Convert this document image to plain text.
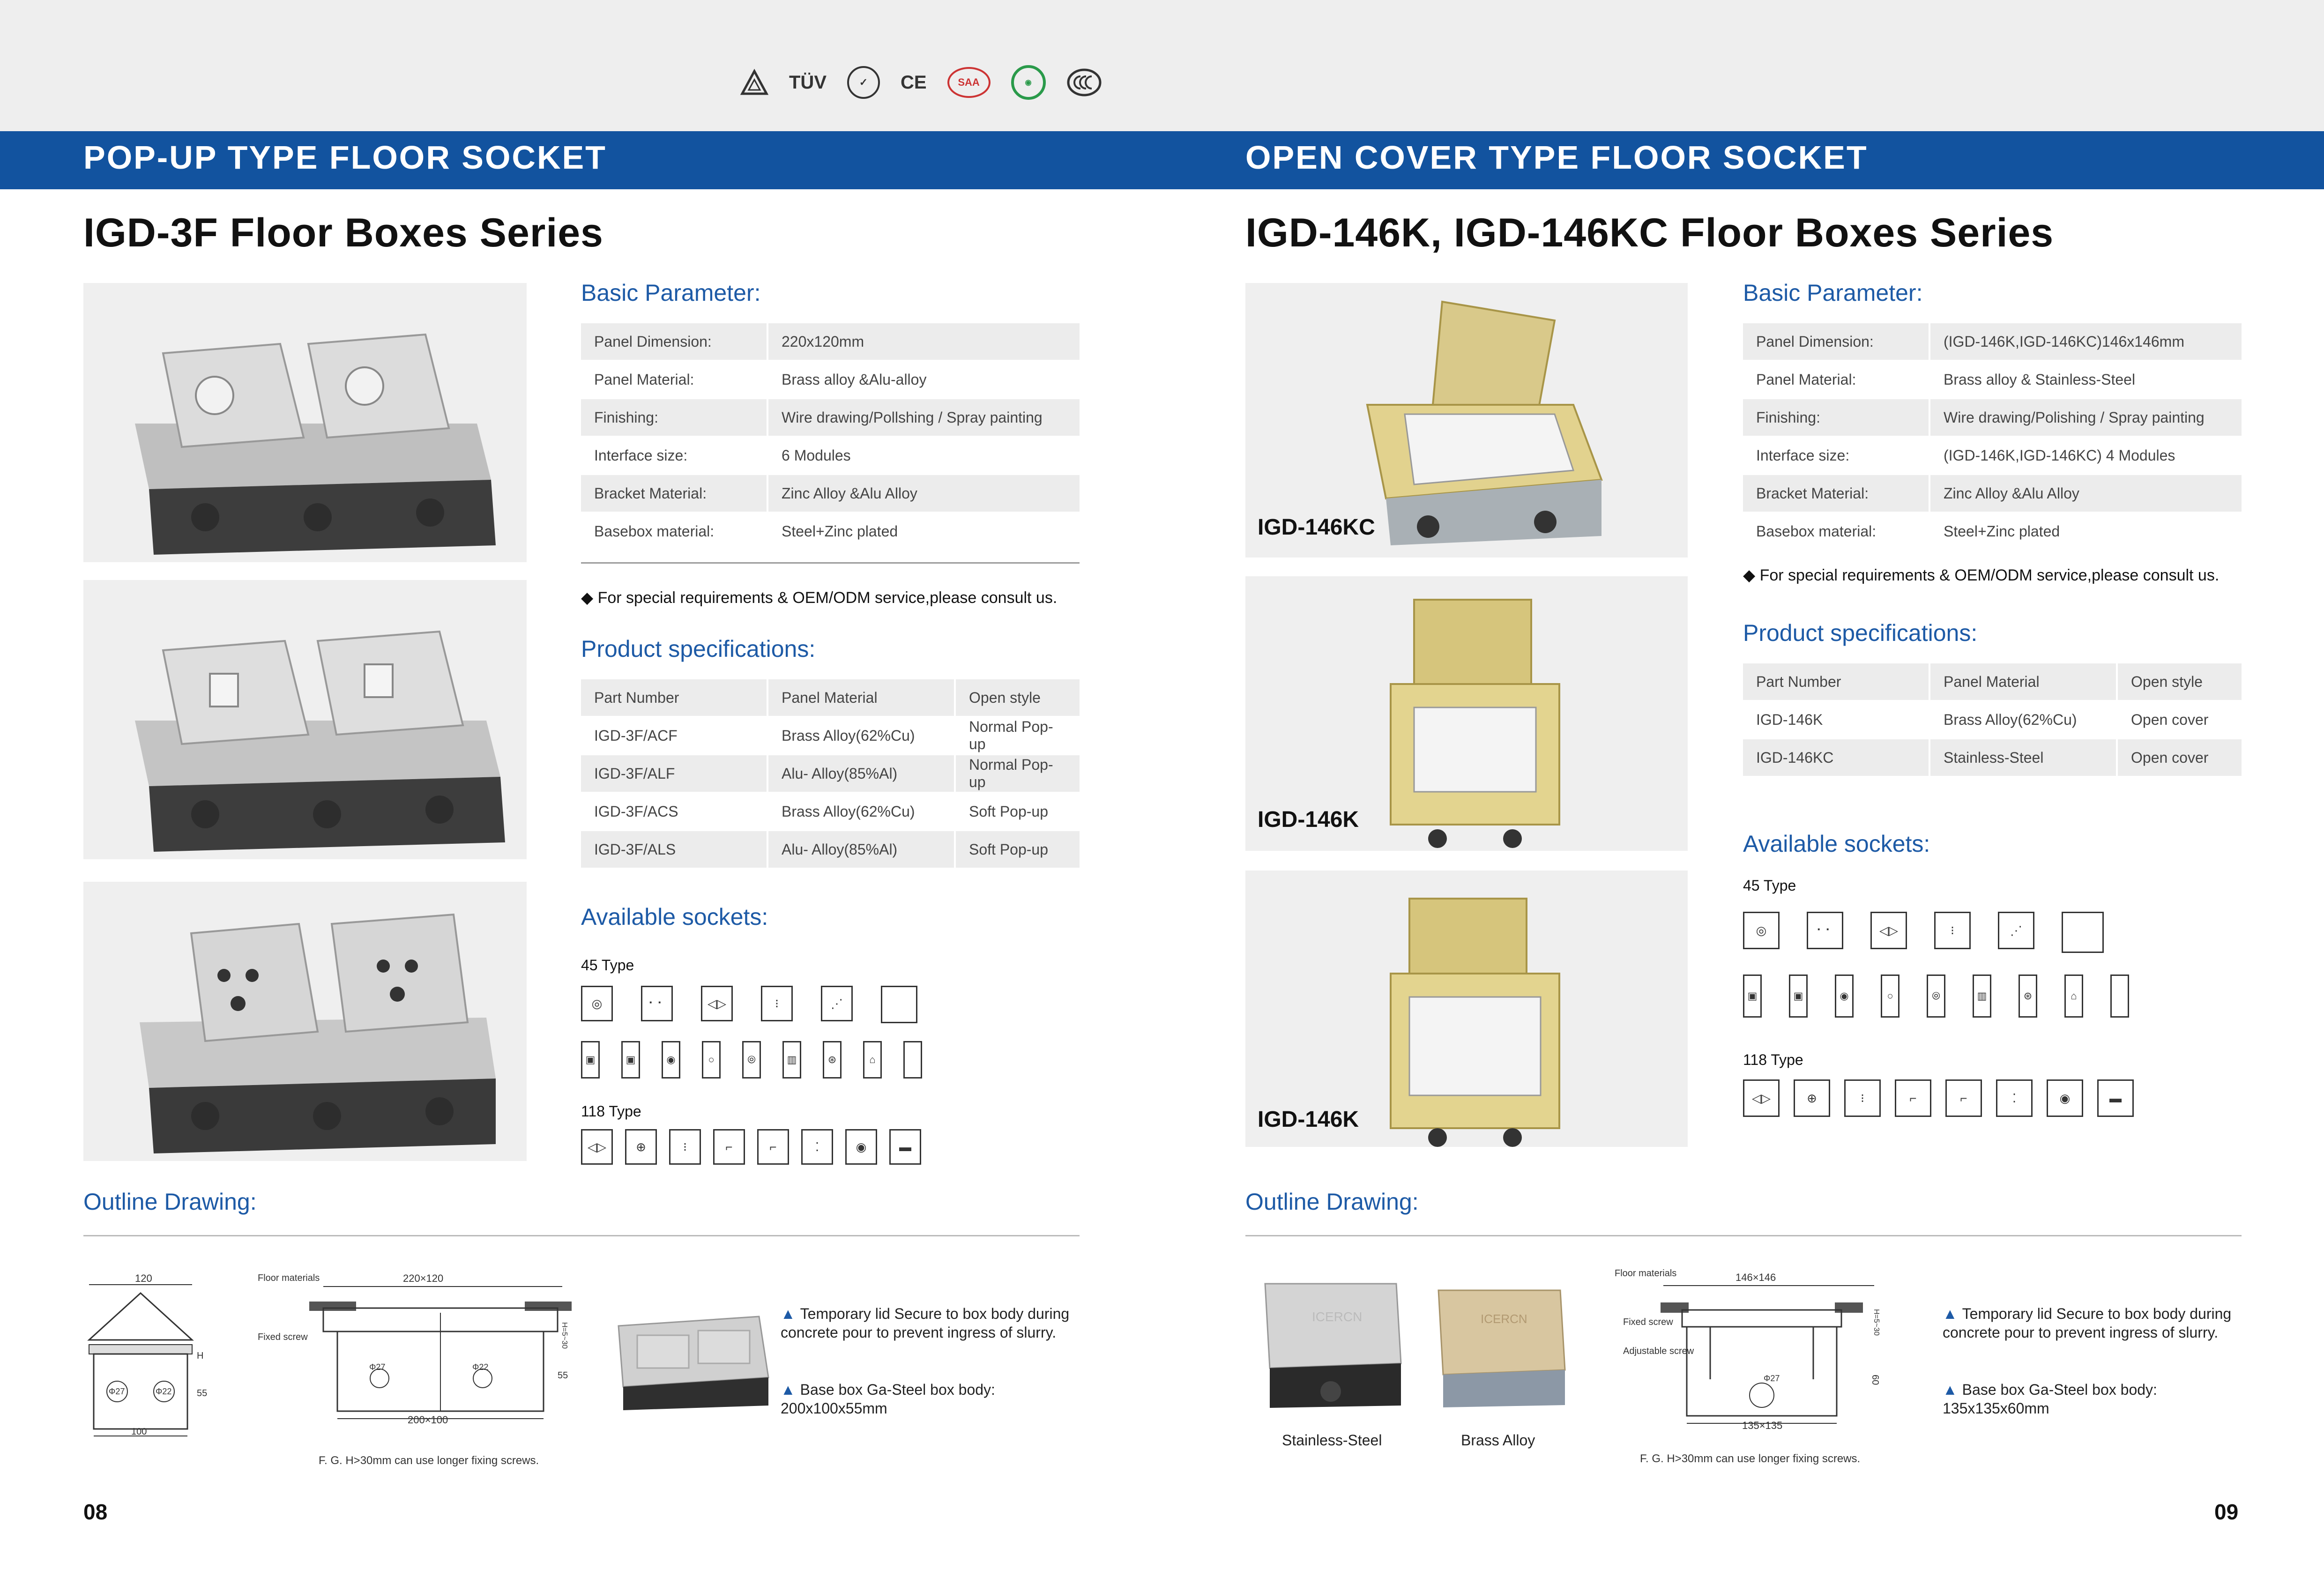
TÜV	✓	CE	SAA	◉
POP-UP TYPE FLOOR SOCKET	OPEN COVER TYPE FLOOR SOCKET
IGD-3F Floor Boxes Series
Basic Parameter:
Panel Dimension:	220x120mm
Panel Material:	Brass alloy &Alu-alloy
Finishing:	Wire drawing/Pollshing / Spray painting
Interface size:	6 Modules
Bracket Material:	Zinc Alloy &Alu Alloy
Basebox material:	Steel+Zinc plated
◆ For special requirements & OEM/ODM service,please consult us.
Product specifications:
Part Number	Panel Material	Open style
IGD-3F/ACF	Brass Alloy(62%Cu)	Normal Pop-up
IGD-3F/ALF	Alu- Alloy(85%Al)	Normal Pop-up
IGD-3F/ACS	Brass Alloy(62%Cu)	Soft Pop-up
IGD-3F/ALS	Alu- Alloy(85%Al)	Soft Pop-up
Available sockets:
45 Type
◎	⠂⠂	◁▷	⁝	⋰
▣	▣	◉	○	⦾	▥	⊛	⌂
118 Type
◁▷	⊕	⁝	⌐	⌐	⁚	◉	▬
Outline Drawing:
120
Φ27	Φ22
H
55
100
Floor materials
Fixed screw
220×120
Φ27	Φ22
H=5~30
55
200×100
F. G. H>30mm can use longer fixing screws.
▲ Temporary lid Secure to box body during concrete pour to prevent ingress of slurry.
▲ Base box Ga-Steel box body: 200x100x55mm
08
IGD-146K, IGD-146KC Floor Boxes Series
IGD-146KC
IGD-146K
IGD-146K
Basic Parameter:
Panel Dimension:	(IGD-146K,IGD-146KC)146x146mm
Panel Material:	Brass alloy & Stainless-Steel
Finishing:	Wire drawing/Polishing / Spray painting
Interface size:	(IGD-146K,IGD-146KC) 4 Modules
Bracket Material:	Zinc Alloy &Alu Alloy
Basebox material:	Steel+Zinc plated
◆ For special requirements & OEM/ODM service,please consult us.
Product specifications:
Part Number	Panel Material	Open style
IGD-146K	Brass Alloy(62%Cu)	Open cover
IGD-146KC	Stainless-Steel	Open cover
Available sockets:
45 Type
◎	⠂⠂	◁▷	⁝	⋰
▣	▣	◉	○	⦾	▥	⊛	⌂
118 Type
◁▷	⊕	⁝	⌐	⌐	⁚	◉	▬
Outline Drawing:
ICERCN
Stainless-Steel
ICERCN
Brass Alloy
Floor materials
Fixed screw
Adjustable screw
146×146
Φ27
H=5~30
60
135×135
F. G. H>30mm can use longer fixing screws.
▲ Temporary lid Secure to box body during concrete pour to prevent ingress of slurry.
▲ Base box Ga-Steel box body: 135x135x60mm
09
